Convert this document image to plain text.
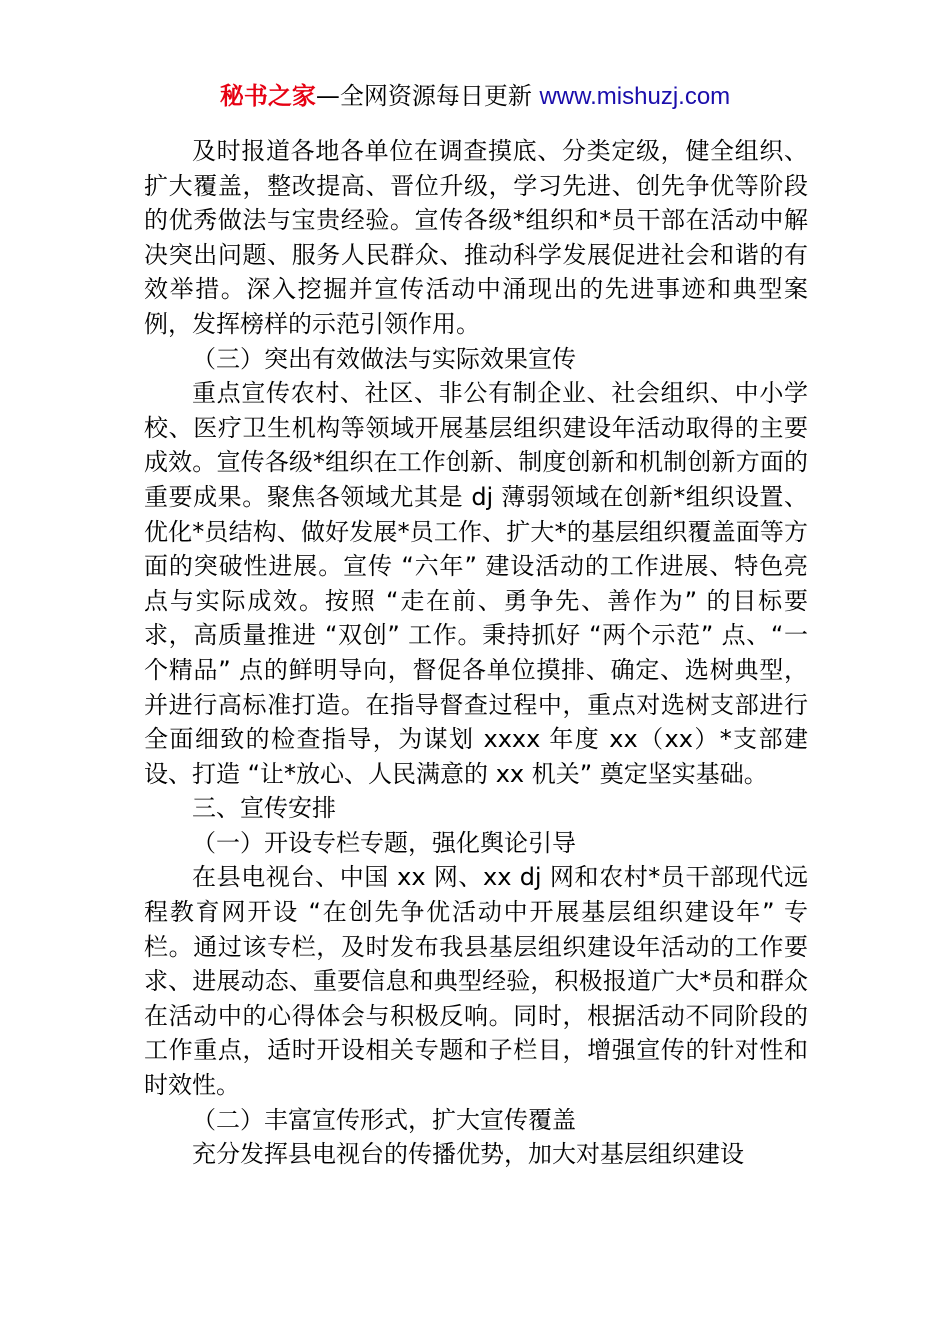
秘书之家—全网资源每日更新 www.mishuzj.com

及时报道各地各单位在调查摸底、分类定级，健全组织、扩大覆盖，整改提高、晋位升级，学习先进、创先争优等阶段的优秀做法与宝贵经验。宣传各级*组织和*员干部在活动中解决突出问题、服务人民群众、推动科学发展促进社会和谐的有效举措。深入挖掘并宣传活动中涌现出的先进事迹和典型案例，发挥榜样的示范引领作用。

（三）突出有效做法与实际效果宣传

重点宣传农村、社区、非公有制企业、社会组织、中小学校、医疗卫生机构等领域开展基层组织建设年活动取得的主要成效。宣传各级*组织在工作创新、制度创新和机制创新方面的重要成果。聚焦各领域尤其是 dj 薄弱领域在创新*组织设置、优化*员结构、做好发展*员工作、扩大*的基层组织覆盖面等方面的突破性进展。宣传 “六年” 建设活动的工作进展、特色亮点与实际成效。按照 “走在前、勇争先、善作为” 的目标要求，高质量推进 “双创” 工作。秉持抓好 “两个示范” 点、“一个精品” 点的鲜明导向，督促各单位摸排、确定、选树典型，并进行高标准打造。在指导督查过程中，重点对选树支部进行全面细致的检查指导，为谋划 xxxx 年度 xx（xx）*支部建设、打造 “让*放心、人民满意的 xx 机关” 奠定坚实基础。

三、宣传安排

（一）开设专栏专题，强化舆论引导

在县电视台、中国 xx 网、xx dj 网和农村*员干部现代远程教育网开设 “在创先争优活动中开展基层组织建设年” 专栏。通过该专栏，及时发布我县基层组织建设年活动的工作要求、进展动态、重要信息和典型经验，积极报道广大*员和群众在活动中的心得体会与积极反响。同时，根据活动不同阶段的工作重点，适时开设相关专题和子栏目，增强宣传的针对性和时效性。

（二）丰富宣传形式，扩大宣传覆盖

充分发挥县电视台的传播优势，加大对基层组织建设
